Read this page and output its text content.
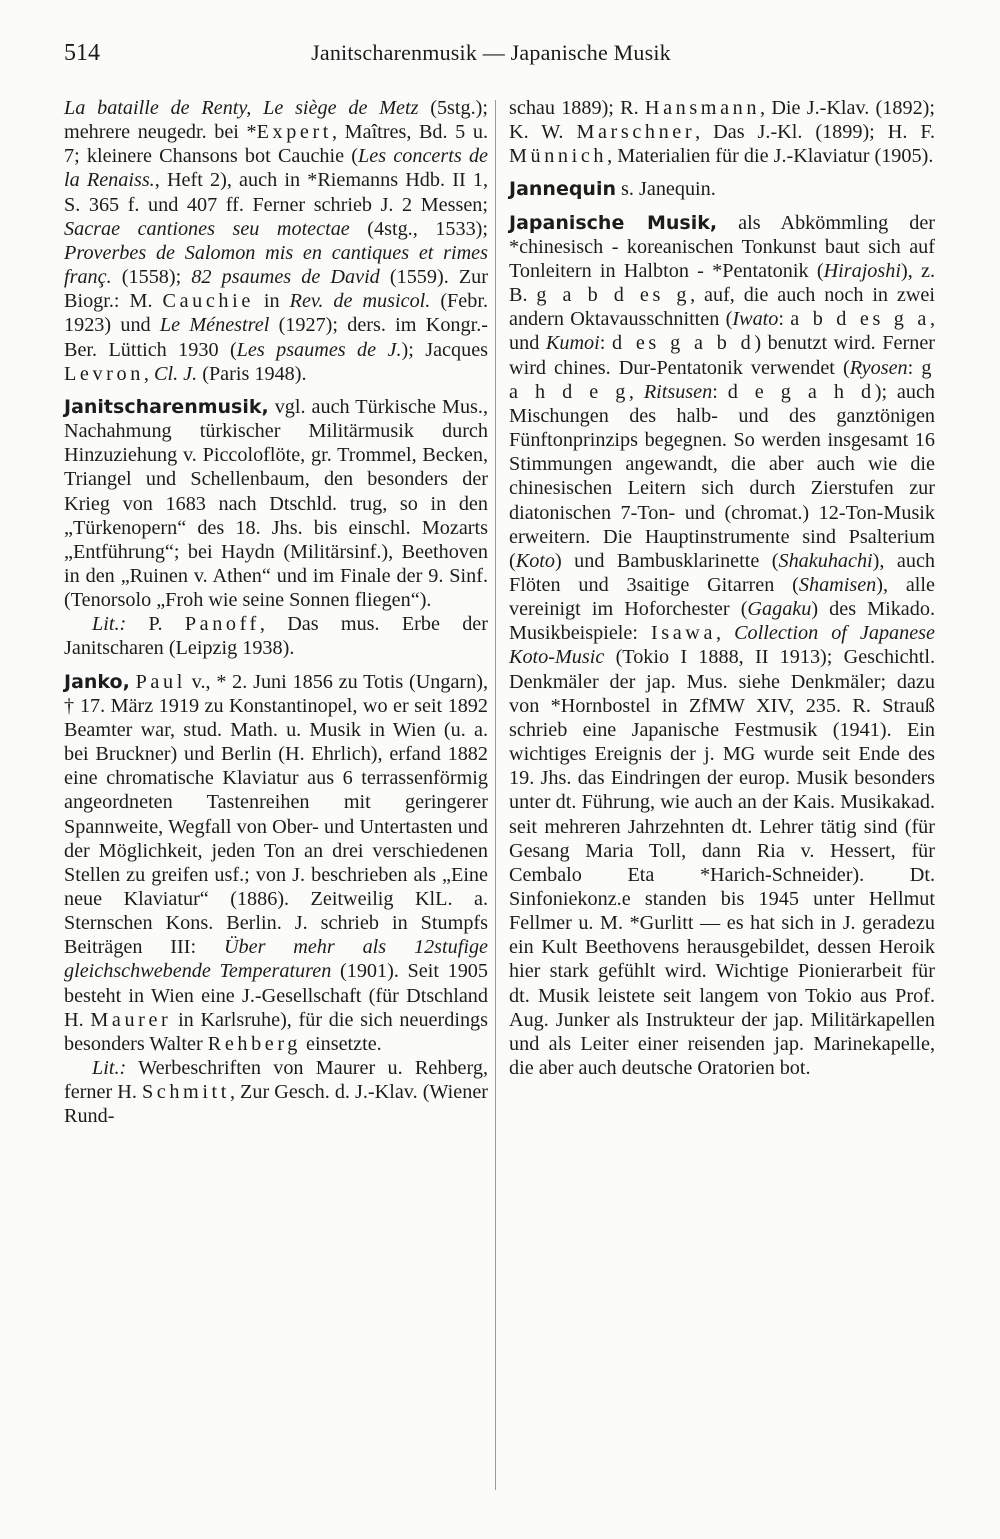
514	Janitscharenmusik — Japanische Musik

La bataille de Renty, Le siège de Metz (5stg.); mehrere neugedr. bei *Expert, Maîtres, Bd. 5 u. 7; kleinere Chansons bot Cauchie (Les concerts de la Renaiss., Heft 2), auch in *Riemanns Hdb. II 1, S. 365 f. und 407 ff. Ferner schrieb J. 2 Messen; Sacrae cantiones seu motectae (4stg., 1533); Proverbes de Salomon mis en cantiques et rimes franç. (1558); 82 psaumes de David (1559). Zur Biogr.: M. Cauchie in Rev. de musicol. (Febr. 1923) und Le Ménestrel (1927); ders. im Kongr.-Ber. Lüttich 1930 (Les psaumes de J.); Jacques Levron, Cl. J. (Paris 1948).

Janitscharenmusik, vgl. auch Türkische Mus., Nachahmung türkischer Militärmusik durch Hinzuziehung v. Piccoloflöte, gr. Trommel, Becken, Triangel und Schellenbaum, den besonders der Krieg von 1683 nach Dtschld. trug, so in den „Türkenopern“ des 18. Jhs. bis einschl. Mozarts „Entführung“; bei Haydn (Militärsinf.), Beethoven in den „Ruinen v. Athen“ und im Finale der 9. Sinf. (Tenorsolo „Froh wie seine Sonnen fliegen“).

Lit.: P. Panoff, Das mus. Erbe der Janitscharen (Leipzig 1938).

Janko, Paul v., * 2. Juni 1856 zu Totis (Ungarn), † 17. März 1919 zu Konstantinopel, wo er seit 1892 Beamter war, stud. Math. u. Musik in Wien (u. a. bei Bruckner) und Berlin (H. Ehrlich), erfand 1882 eine chromatische Klaviatur aus 6 terrassenförmig angeordneten Tastenreihen mit geringerer Spannweite, Wegfall von Ober- und Untertasten und der Möglichkeit, jeden Ton an drei verschiedenen Stellen zu greifen usf.; von J. beschrieben als „Eine neue Klaviatur“ (1886). Zeitweilig KlL. a. Sternschen Kons. Berlin. J. schrieb in Stumpfs Beiträgen III: Über mehr als 12stufige gleichschwebende Temperaturen (1901). Seit 1905 besteht in Wien eine J.-Gesellschaft (für Dtschland H. Maurer in Karlsruhe), für die sich neuerdings besonders Walter Rehberg einsetzte.

Lit.: Werbeschriften von Maurer u. Rehberg, ferner H. Schmitt, Zur Gesch. d. J.-Klav. (Wiener Rund-

schau 1889); R. Hansmann, Die J.-Klav. (1892); K. W. Marschner, Das J.-Kl. (1899); H. F. Münnich, Materialien für die J.-Klaviatur (1905).

Jannequin s. Janequin.

Japanische Musik, als Abkömmling der *chinesisch - koreanischen Tonkunst baut sich auf Tonleitern in Halbton - *Pentatonik (Hirajoshi), z. B. g a b d es g, auf, die auch noch in zwei andern Oktavausschnitten (Iwato: a b d es g a, und Kumoi: d es g a b d) benutzt wird. Ferner wird chines. Dur-Pentatonik verwendet (Ryosen: g a h d e g, Ritsusen: d e g a h d); auch Mischungen des halb- und des ganztönigen Fünftonprinzips begegnen. So werden insgesamt 16 Stimmungen angewandt, die aber auch wie die chinesischen Leitern sich durch Zierstufen zur diatonischen 7-Ton- und (chromat.) 12-Ton-Musik erweitern. Die Hauptinstrumente sind Psalterium (Koto) und Bambusklarinette (Shakuhachi), auch Flöten und 3saitige Gitarren (Shamisen), alle vereinigt im Hoforchester (Gagaku) des Mikado. Musikbeispiele: Isawa, Collection of Japanese Koto-Music (Tokio I 1888, II 1913); Geschichtl. Denkmäler der jap. Mus. siehe Denkmäler; dazu von *Hornbostel in ZfMW XIV, 235. R. Strauß schrieb eine Japanische Festmusik (1941). Ein wichtiges Ereignis der j. MG wurde seit Ende des 19. Jhs. das Eindringen der europ. Musik besonders unter dt. Führung, wie auch an der Kais. Musikakad. seit mehreren Jahrzehnten dt. Lehrer tätig sind (für Gesang Maria Toll, dann Ria v. Hessert, für Cembalo Eta *Harich-Schneider). Dt. Sinfoniekonz.e standen bis 1945 unter Hellmut Fellmer u. M. *Gurlitt — es hat sich in J. geradezu ein Kult Beethovens herausgebildet, dessen Heroik hier stark gefühlt wird. Wichtige Pionierarbeit für dt. Musik leistete seit langem von Tokio aus Prof. Aug. Junker als Instrukteur der jap. Militärkapellen und als Leiter einer reisenden jap. Marinekapelle, die aber auch deutsche Oratorien bot.
